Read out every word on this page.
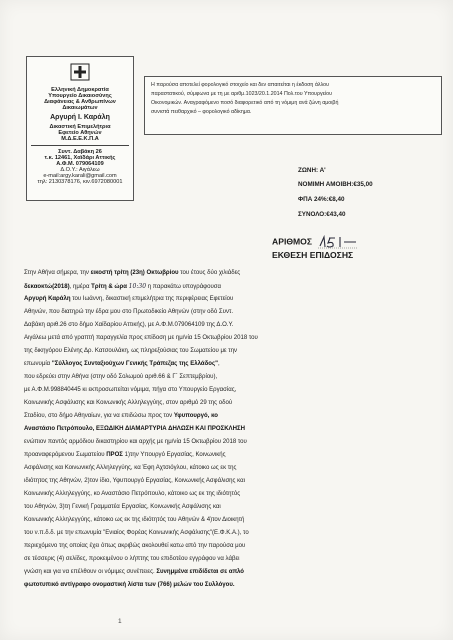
Ελληνική Δημοκρατία
Υπουργείο Δικαιοσύνης
Διαφάνειας & Ανθρωπίνων
Δικαιωμάτων
Αργυρή Ι. Καράλη
Δικαστική Επιμελήτρια
Εφετείο Αθηνών
Μ.Δ.Ε.Ε.Κ.Π.Α
Συντ. Δαβάκη 26
τ.κ. 12461, Χαϊδάρι Αττικής
Α.Φ.Μ. 079064109
Δ.Ο.Υ.: Αιγάλεω
e-mail:argy.karali@gmail.com
τηλ: 2130378176, κιν.6972080001

Η παρούσα αποτελεί φορολογικό στοιχείο και δεν απαιτείται η έκδοση άλλου

παραστατικού, σύμφωνα με τη με αριθμ.1023/20.1.2014 Πολ.του Υπουργείου

Οικονομικών. Αναγραφόμενο ποσό διαφορετικό από τη νόμιμη ανά ζώνη αμοιβή

συνιστά πειθαρχικό – φορολογικό αδίκημα.

ΖΩΝΗ: Α'
ΝΟΜΙΜΗ ΑΜΟΙΒΗ:€35,00
ΦΠΑ 24%:€8,40
ΣΥΝΟΛΟ:€43,40
ΑΡΙΘΜΟΣ
ΕΚΘΕΣΗ ΕΠΙΔΟΣΗΣ
Στην Αθήνα σήμερα, την εικοστή τρίτη (23η) Οκτωβρίου του έτους δύο χιλιάδες
δεκαοκτώ(2018), ημέρα Τρίτη & ώρα 10:30 η παρακάτω υπογράφουσα
Αργυρή Καράλη του Ιωάννη, δικαστική επιμελήτρια της περιφέρειας Εφετείου
Αθηνών, που διατηρώ την έδρα μου στο Πρωτοδικείο Αθηνών (στην οδό Συντ.
Δαβάκη αριθ.26 στο δήμο Χαϊδαρίου Αττικής), με Α.Φ.Μ.079064109 της Δ.Ο.Υ.
Αιγάλεω μετά από γραπτή παραγγελία προς επίδοση με ημ/νία 15 Οκτωβρίου 2018 του
της δικηγόρου Ελένης Δρ. Κατσουλάκη, ως πληρεξούσιας του Σωματείου με την
επωνυμία "Σύλλογος Συνταξιούχων Γενικής Τράπεζας της Ελλάδος",
που εδρεύει στην Αθήνα (στην οδό Σολωμού αριθ.66 & Γ΄ Σεπτεμβρίου),
με Α.Φ.Μ.998840445 κι εκπροσωπείται νόμιμα, πήγα στο Υπουργείο Εργασίας,
Κοινωνικής Ασφάλισης και Κοινωνικής Αλληλεγγύης, στον αριθμό 29 της οδού
Σταδίου, στο δήμο Αθηναίων, για να επιδώσω προς τον Υφυπουργό, κο
Αναστάσιο Πετρόπουλο, ΕΞΩΔΙΚΗ ΔΙΑΜΑΡΤΥΡΙΑ ΔΗΛΩΣΗ ΚΑΙ ΠΡΟΣΚΛΗΣΗ
ενώπιον παντός αρμόδιου δικαστηρίου και αρχής με ημ/νία 15 Οκτωβρίου 2018 του
προαναφερόμενου Σωματείου ΠΡΟΣ 1)την Υπουργό Εργασίας, Κοινωνικής
Ασφάλισης και Κοινωνικής Αλληλεγγύης, κα Έφη Αχτσιόγλου, κάτοικο ως εκ της
ιδιότητος της Αθηνών, 2)τον ίδιο, Υφυπουργό Εργασίας, Κοινωνικής Ασφάλισης και
Κοινωνικής Αλληλεγγύης, κο Αναστάσιο Πετρόπουλο, κάτοικο ως εκ της ιδιότητός
του Αθηνών, 3)τη Γενική Γραμματέα Εργασίας, Κοινωνικής Ασφάλισης και
Κοινωνικής Αλληλεγγύης, κάτοικο ως εκ της ιδιότητός του Αθηνών & 4)τον Διοικητή
του ν.π.δ.δ. με την επωνυμία "Ενιαίος Φορέας Κοινωνικής Ασφάλισης"(Ε.Φ.Κ.Α.), το
περιεχόμενο της οποίας έχει όπως ακριβώς ακολουθεί κατω από την παρούσα μου
σε τέσσερις (4) σελίδες, προκειμένου ο λήπτης του επιδοτέου εγγράφου να λάβει
γνώση και για να επέλθουν οι νόμιμες συνέπειες. Συνημμένα επιδίδεται σε απλό
φωτοτυπικό αντίγραφο ονομαστική λίστα των (766) μελών του Συλλόγου.
1
